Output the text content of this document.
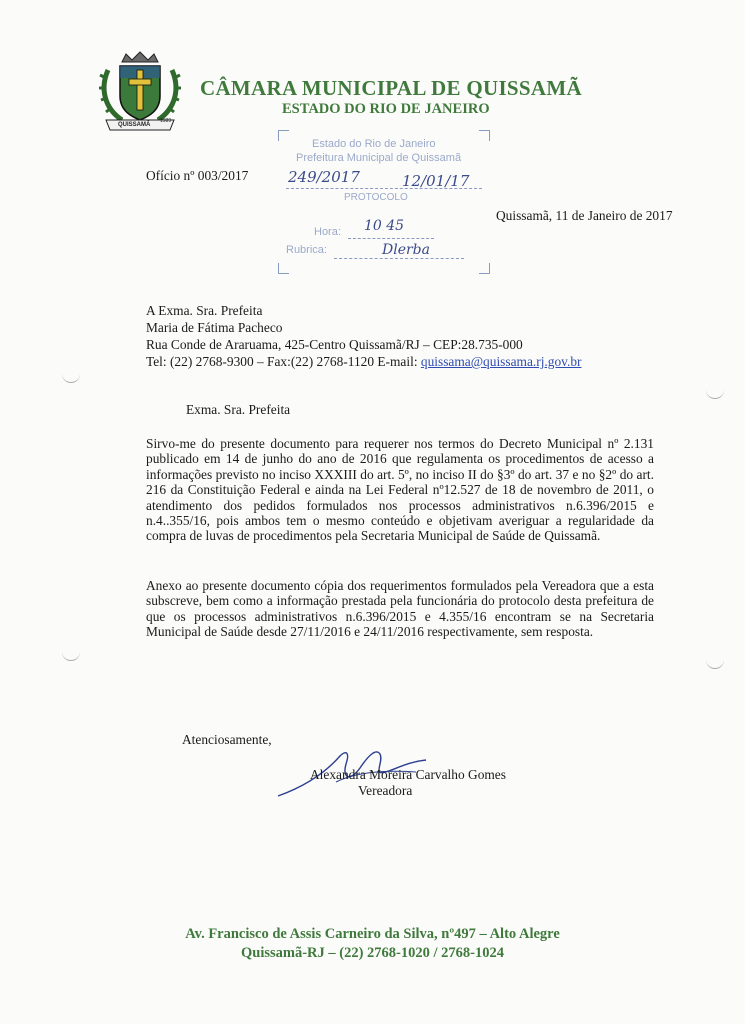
QUISSAMÃ
1989
CÂMARA MUNICIPAL DE QUISSAMÃ
ESTADO DO RIO DE JANEIRO
Estado do Rio de Janeiro
Prefeitura Municipal de Quissamã
PROTOCOLO
249/2017	12/01/17
Hora: 10 45
Rubrica:	Dlerba
Ofício nº 003/2017
Quissamã, 11 de Janeiro de 2017
A Exma. Sra. Prefeita
Maria de Fátima Pacheco
Rua Conde de Araruama, 425-Centro Quissamã/RJ – CEP:28.735-000
Tel: (22) 2768-9300 – Fax:(22) 2768-1120 E-mail: quissama@quissama.rj.gov.br
Exma. Sra. Prefeita
Sirvo-me do presente documento para requerer nos termos do Decreto Municipal nº 2.131 publicado em 14 de junho do ano de 2016 que regulamenta os procedimentos de acesso a informações previsto no inciso XXXIII do art. 5º, no inciso II do §3º do art. 37 e no §2º do art. 216 da Constituição Federal e ainda na Lei Federal nº12.527 de 18 de novembro de 2011, o atendimento dos pedidos formulados nos processos administrativos n.6.396/2015 e n.4..355/16, pois ambos tem o mesmo conteúdo e objetivam averiguar a regularidade da compra de luvas de procedimentos pela Secretaria Municipal de Saúde de Quissamã.
Anexo ao presente documento cópia dos requerimentos formulados pela Vereadora que a esta subscreve, bem como a informação prestada pela funcionária do protocolo desta prefeitura de que os processos administrativos n.6.396/2015 e 4.355/16 encontram se na Secretaria Municipal de Saúde desde 27/11/2016 e 24/11/2016 respectivamente, sem resposta.
Atenciosamente,
Alexandra Moreira Carvalho Gomes
Vereadora
Av. Francisco de Assis Carneiro da Silva, nº497 – Alto Alegre
Quissamã-RJ – (22) 2768-1020 / 2768-1024
